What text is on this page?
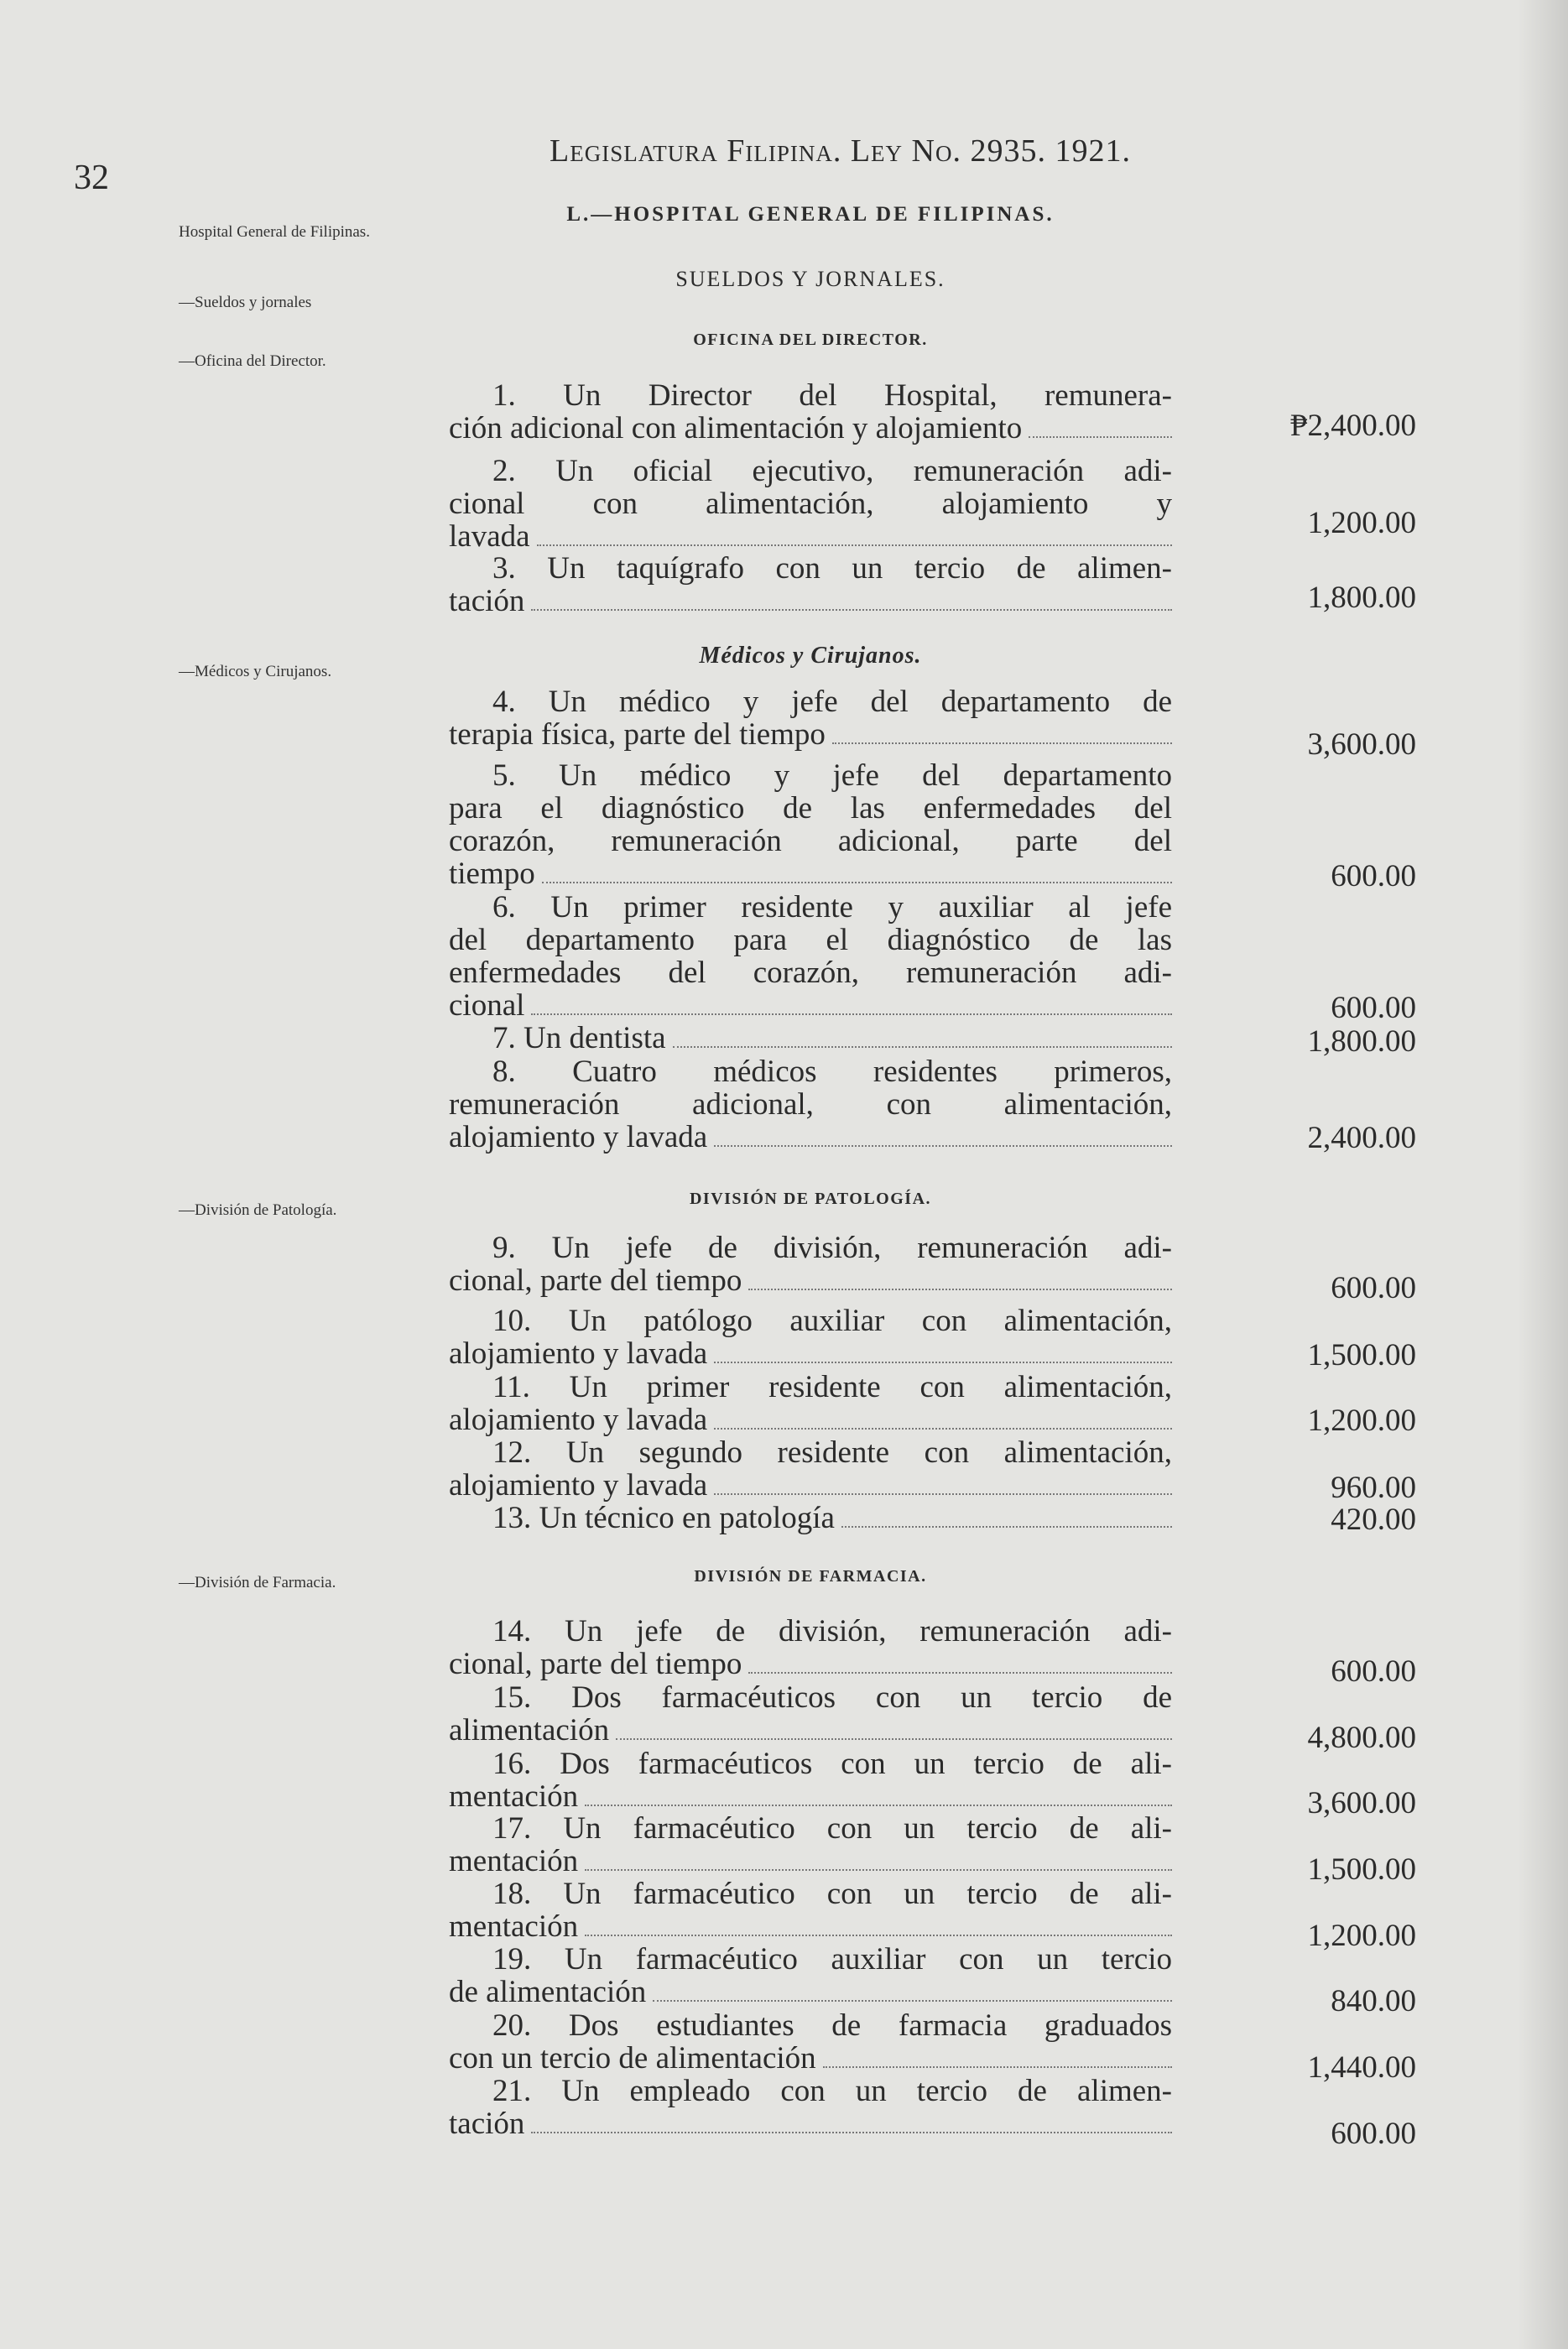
32
Legislatura Filipina. Ley No. 2935. 1921.
Hospital General de Filipinas.
—Sueldos y jornales
—Oficina del Director.
—Médicos y Cirujanos.
—División de Patología.
—División de Farmacia.
L.—HOSPITAL GENERAL DE FILIPINAS.
SUELDOS Y JORNALES.
OFICINA DEL DIRECTOR.
Médicos y Cirujanos.
DIVISIÓN DE PATOLOGÍA.
DIVISIÓN DE FARMACIA.
1. Un Director del Hospital, remunera-
ción adicional con alimentación y alojamiento	₱2,400.00
2. Un oficial ejecutivo, remuneración adi-
cional con alimentación, alojamiento y
lavada	1,200.00
3. Un taquígrafo con un tercio de alimen-
tación	1,800.00
4. Un médico y jefe del departamento de
terapia física, parte del tiempo	3,600.00
5. Un médico y jefe del departamento
para el diagnóstico de las enfermedades del
corazón, remuneración adicional, parte del
tiempo	600.00
6. Un primer residente y auxiliar al jefe
del departamento para el diagnóstico de las
enfermedades del corazón, remuneración adi-
cional	600.00
7. Un dentista	1,800.00
8. Cuatro médicos residentes primeros,
remuneración adicional, con alimentación,
alojamiento y lavada	2,400.00
9. Un jefe de división, remuneración adi-
cional, parte del tiempo	600.00
10. Un patólogo auxiliar con alimentación,
alojamiento y lavada	1,500.00
11. Un primer residente con alimentación,
alojamiento y lavada	1,200.00
12. Un segundo residente con alimentación,
alojamiento y lavada	960.00
13. Un técnico en patología	420.00
14. Un jefe de división, remuneración adi-
cional, parte del tiempo	600.00
15. Dos farmacéuticos con un tercio de
alimentación	4,800.00
16. Dos farmacéuticos con un tercio de ali-
mentación	3,600.00
17. Un farmacéutico con un tercio de ali-
mentación	1,500.00
18. Un farmacéutico con un tercio de ali-
mentación	1,200.00
19. Un farmacéutico auxiliar con un tercio
de alimentación	840.00
20. Dos estudiantes de farmacia graduados
con un tercio de alimentación	1,440.00
21. Un empleado con un tercio de alimen-
tación	600.00
